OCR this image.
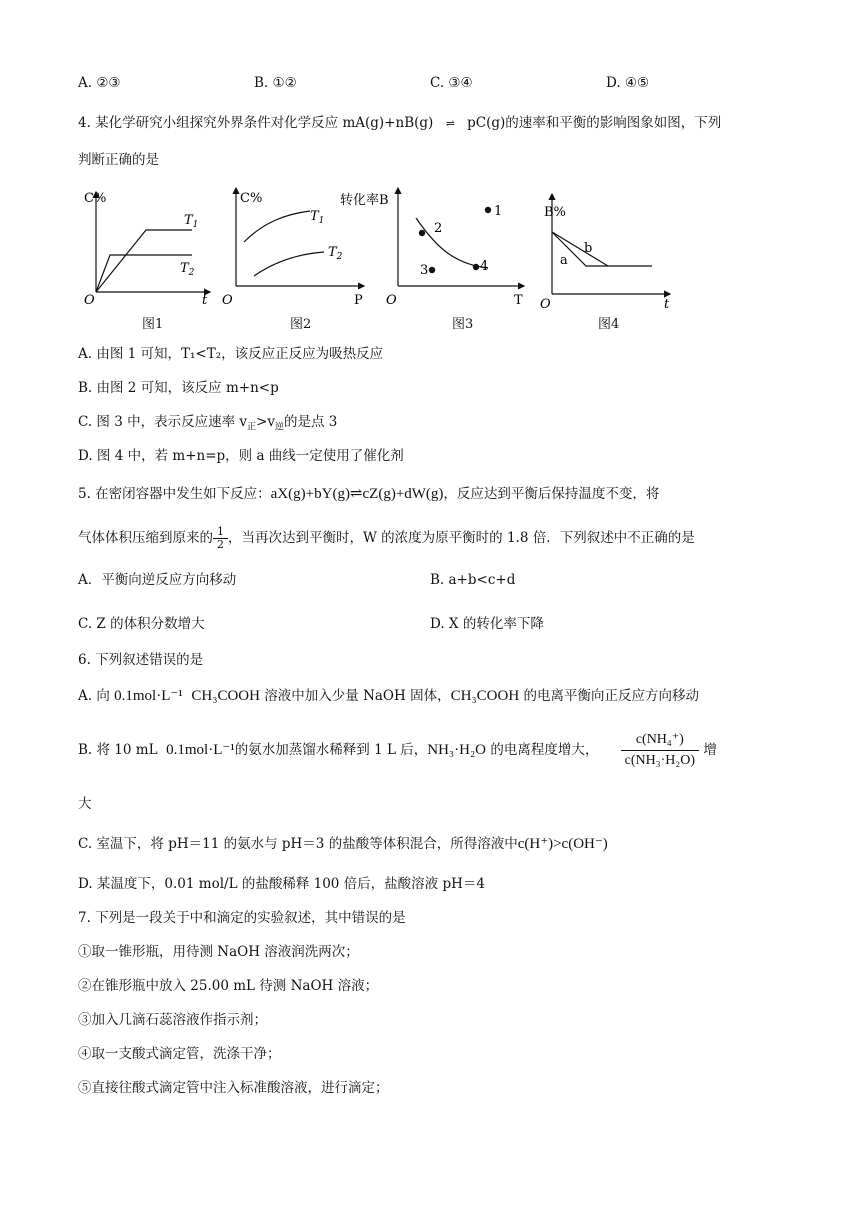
A. ②③	B. ①②	C. ③④	D. ④⑤
4. 某化学研究小组探究外界条件对化学反应 mA(g)+nB(g) ⇌ pC(g)的速率和平衡的影响图象如图，下列
判断正确的是
C%
t
O
$T_1$
$T_2$
图1
C%
P
O
$T_1$
$T_2$
图2
转化率B
T
O
1
2
3	4
图3
B%
t
O
a
b
图4
A. 由图 1 可知，T₁<T₂，该反应正反应为吸热反应
B. 由图 2 可知，该反应 m+n<p
C. 图 3 中，表示反应速率 $v_正>v_逆$的是点 3
D. 图 4 中，若 m+n=p，则 a 曲线一定使用了催化剂
5. 在密闭容器中发生如下反应：aX(g)+bY(g)⇌cZ(g)+dW(g)，反应达到平衡后保持温度不变，将
气体体积压缩到原来的 $\frac{1}{2}$ ，当再次达到平衡时，W 的浓度为原平衡时的 1.8 倍．下列叙述中不正确的是
A．平衡向逆反应方向移动	B. a+b<c+d
C. Z 的体积分数增大	D. X 的转化率下降
6. 下列叙述错误的是
A. 向 0.1mol·L⁻¹ CH₃COOH 溶液中加入少量 NaOH 固体，CH₃COOH 的电离平衡向正反应方向移动
B. 将 10 mL 0.1mol·L⁻¹的氨水加蒸馏水稀释到 1 L 后，NH₃·H₂O 的电离程度增大， $\frac{\text{c(NH₄⁺)}}{\text{c(NH₃·H₂O)}}$ 增
大
C. 室温下，将 pH＝11 的氨水与 pH＝3 的盐酸等体积混合，所得溶液中c(H⁺)>c(OH⁻)
D. 某温度下，0.01 mol/L 的盐酸稀释 100 倍后，盐酸溶液 pH＝4
7. 下列是一段关于中和滴定的实验叙述，其中错误的是
①取一锥形瓶，用待测 NaOH 溶液润洗两次；
②在锥形瓶中放入 25.00 mL 待测 NaOH 溶液；
③加入几滴石蕊溶液作指示剂；
④取一支酸式滴定管，洗涤干净；
⑤直接往酸式滴定管中注入标准酸溶液，进行滴定；
